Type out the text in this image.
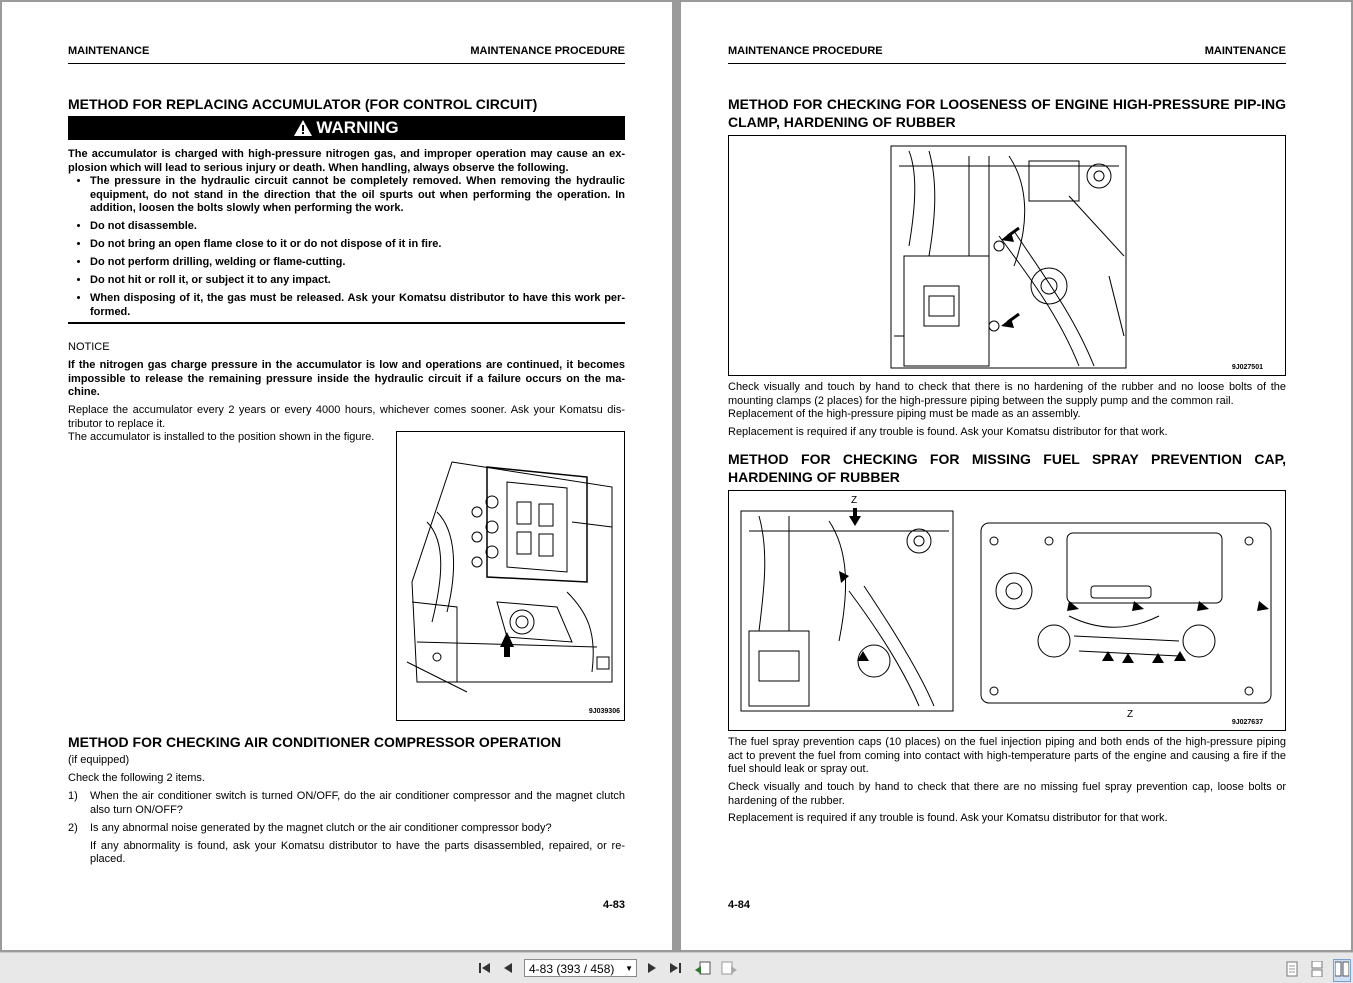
MAINTENANCE	MAINTENANCE PROCEDURE
METHOD FOR REPLACING ACCUMULATOR (FOR CONTROL CIRCUIT)
WARNING
The accumulator is charged with high-pressure nitrogen gas, and improper operation may cause an ex-plosion which will lead to serious injury or death. When handling, always observe the following.
• The pressure in the hydraulic circuit cannot be completely removed. When removing the hydraulic equipment, do not stand in the direction that the oil spurts out when performing the operation. In addition, loosen the bolts slowly when performing the work.
• Do not disassemble.
• Do not bring an open flame close to it or do not dispose of it in fire.
• Do not perform drilling, welding or flame-cutting.
• Do not hit or roll it, or subject it to any impact.
• When disposing of it, the gas must be released. Ask your Komatsu distributor to have this work per-formed.
NOTICE
If the nitrogen gas charge pressure in the accumulator is low and operations are continued, it becomes impossible to release the remaining pressure inside the hydraulic circuit if a failure occurs on the ma-chine.
Replace the accumulator every 2 years or every 4000 hours, whichever comes sooner. Ask your Komatsu dis-tributor to replace it.
The accumulator is installed to the position shown in the figure.
9J039306
METHOD FOR CHECKING AIR CONDITIONER COMPRESSOR OPERATION
(if equipped)
Check the following 2 items.
1) When the air conditioner switch is turned ON/OFF, do the air conditioner compressor and the magnet clutch also turn ON/OFF?
2) Is any abnormal noise generated by the magnet clutch or the air conditioner compressor body?
If any abnormality is found, ask your Komatsu distributor to have the parts disassembled, repaired, or re-placed.
4-83
MAINTENANCE PROCEDURE	MAINTENANCE
METHOD FOR CHECKING FOR LOOSENESS OF ENGINE HIGH-PRESSURE PIP-ING CLAMP, HARDENING OF RUBBER
9J027501
Check visually and touch by hand to check that there is no hardening of the rubber and no loose bolts of the mounting clamps (2 places) for the high-pressure piping between the supply pump and the common rail.
Replacement of the high-pressure piping must be made as an assembly.
Replacement is required if any trouble is found. Ask your Komatsu distributor for that work.
METHOD FOR CHECKING FOR MISSING FUEL SPRAY PREVENTION CAP, HARDENING OF RUBBER
Z
Z
9J027637
The fuel spray prevention caps (10 places) on the fuel injection piping and both ends of the high-pressure piping act to prevent the fuel from coming into contact with high-temperature parts of the engine and causing a fire if the fuel should leak or spray out.
Check visually and touch by hand to check that there are no missing fuel spray prevention cap, loose bolts or hardening of the rubber.
Replacement is required if any trouble is found. Ask your Komatsu distributor for that work.
4-84
4-83 (393 / 458) ▼
